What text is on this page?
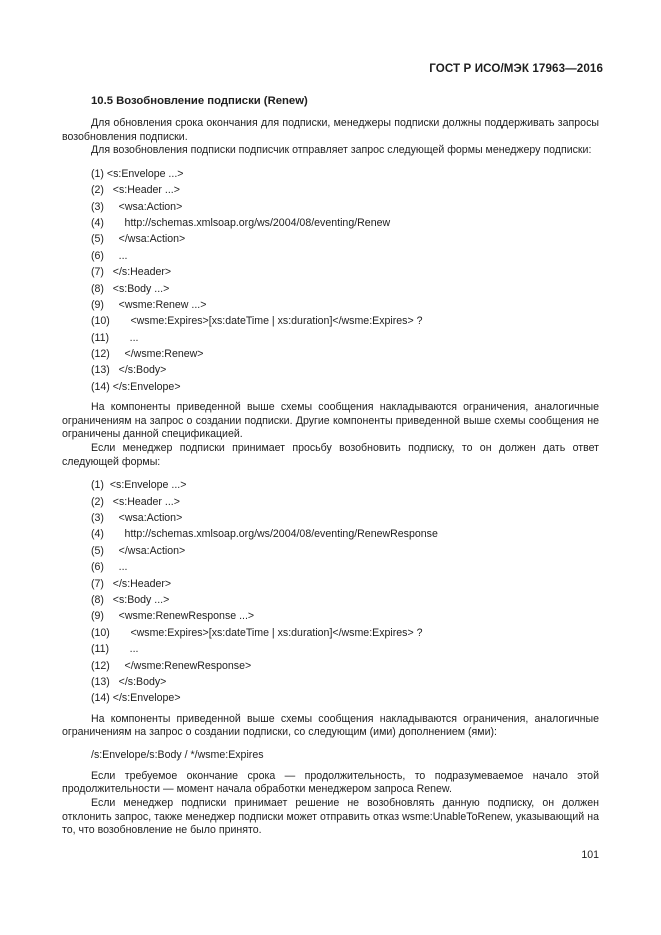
ГОСТ Р ИСО/МЭК 17963—2016
10.5 Возобновление подписки (Renew)

Для обновления срока окончания для подписки, менеджеры подписки должны поддерживать запросы возобновления подписки.

Для возобновления подписки подписчик отправляет запрос следующей формы менеджеру подписки:

(1) <s:Envelope ...>
(2)   <s:Header ...>
(3)     <wsa:Action>
(4)       http://schemas.xmlsoap.org/ws/2004/08/eventing/Renew
(5)     </wsa:Action>
(6)     ...
(7)   </s:Header>
(8)   <s:Body ...>
(9)     <wsme:Renew ...>
(10)       <wsme:Expires>[xs:dateTime | xs:duration]</wsme:Expires> ?
(11)       ...
(12)     </wsme:Renew>
(13)   </s:Body>
(14) </s:Envelope>

На компоненты приведенной выше схемы сообщения накладываются ограничения, аналогичные ограничениям на запрос о создании подписки. Другие компоненты приведенной выше схемы сообщения не ограничены данной спецификацией.

Если менеджер подписки принимает просьбу возобновить подписку, то он должен дать ответ следующей формы:

(1)  <s:Envelope ...>
(2)   <s:Header ...>
(3)     <wsa:Action>
(4)       http://schemas.xmlsoap.org/ws/2004/08/eventing/RenewResponse
(5)     </wsa:Action>
(6)     ...
(7)   </s:Header>
(8)   <s:Body ...>
(9)     <wsme:RenewResponse ...>
(10)       <wsme:Expires>[xs:dateTime | xs:duration]</wsme:Expires> ?
(11)       ...
(12)     </wsme:RenewResponse>
(13)   </s:Body>
(14) </s:Envelope>

На компоненты приведенной выше схемы сообщения накладываются ограничения, аналогичные ограничениям на запрос о создании подписки, со следующим (ими) дополнением (ями):

/s:Envelope/s:Body / */wsme:Expires

Если требуемое окончание срока — продолжительность, то подразумеваемое начало этой продолжительности — момент начала обработки менеджером запроса Renew.

Если менеджер подписки принимает решение не возобновлять данную подписку, он должен отклонить запрос, также менеджер подписки может отправить отказ wsme:UnableToRenew, указывающий на то, что возобновление не было принято.

101
